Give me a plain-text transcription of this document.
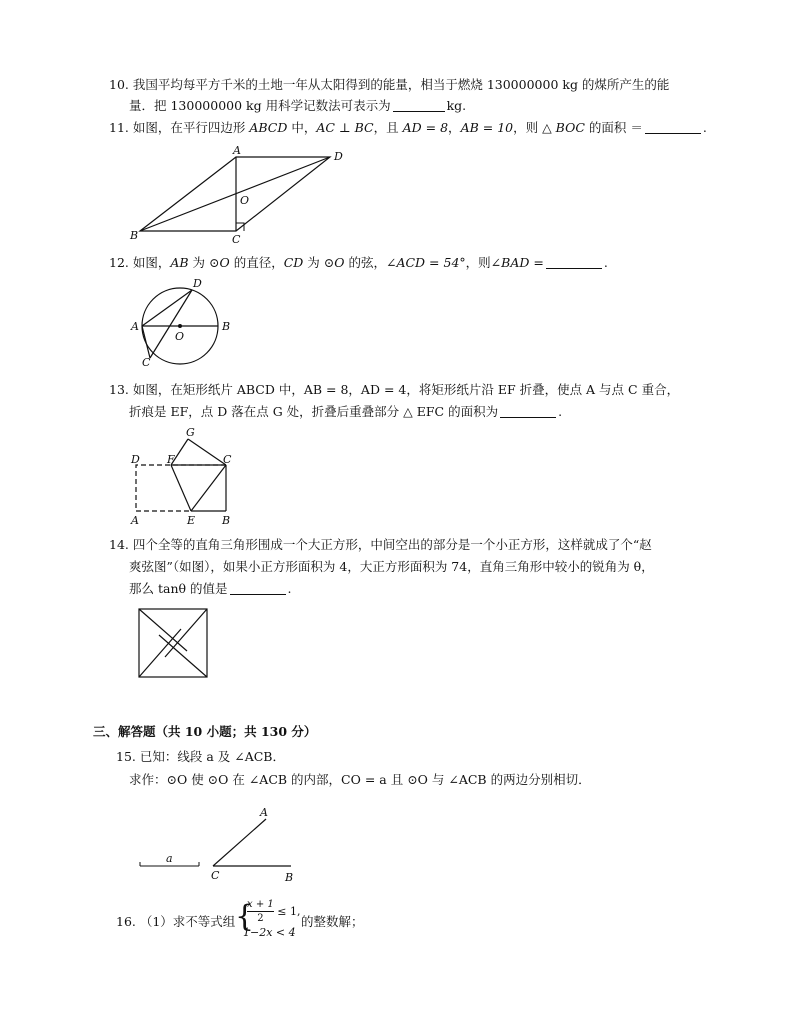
10. 我国平均每平方千米的土地一年从太阳得到的能量，相当于燃烧 130000000 kg 的煤所产生的能
量．把 130000000 kg 用科学记数法可表示为	kg.
11. 如图，在平行四边形 ABCD 中，AC ⊥ BC，且 AD = 8，AB = 10，则 △ BOC 的面积 ＝	.
A	D
O
B	C
12. 如图，AB 为 ⊙O 的直径，CD 为 ⊙O 的弦，∠ACD = 54°，则∠BAD =	.
D
A	B
O
C
13. 如图，在矩形纸片 ABCD 中，AB = 8，AD = 4，将矩形纸片沿 EF 折叠，使点 A 与点 C 重合，
折痕是 EF，点 D 落在点 G 处，折叠后重叠部分 △ EFC 的面积为	.
G
D F	C
A	E B
14. 四个全等的直角三角形围成一个大正方形，中间空出的部分是一个小正方形，这样就成了个“赵
爽弦图”（如图），如果小正方形面积为 4，大正方形面积为 74，直角三角形中较小的锐角为 θ，
那么 tanθ 的值是	.
三、解答题（共 10 小题；共 130 分）
15. 已知：线段 a 及 ∠ACB．
求作：⊙O 使 ⊙O 在 ∠ACB 的内部，CO = a 且 ⊙O 与 ∠ACB 的两边分别相切．
a
A
C	B
16. （1）求不等式组 {
$\frac{x + 1}{2} \le 1$,
1−2x < 4
的整数解；
